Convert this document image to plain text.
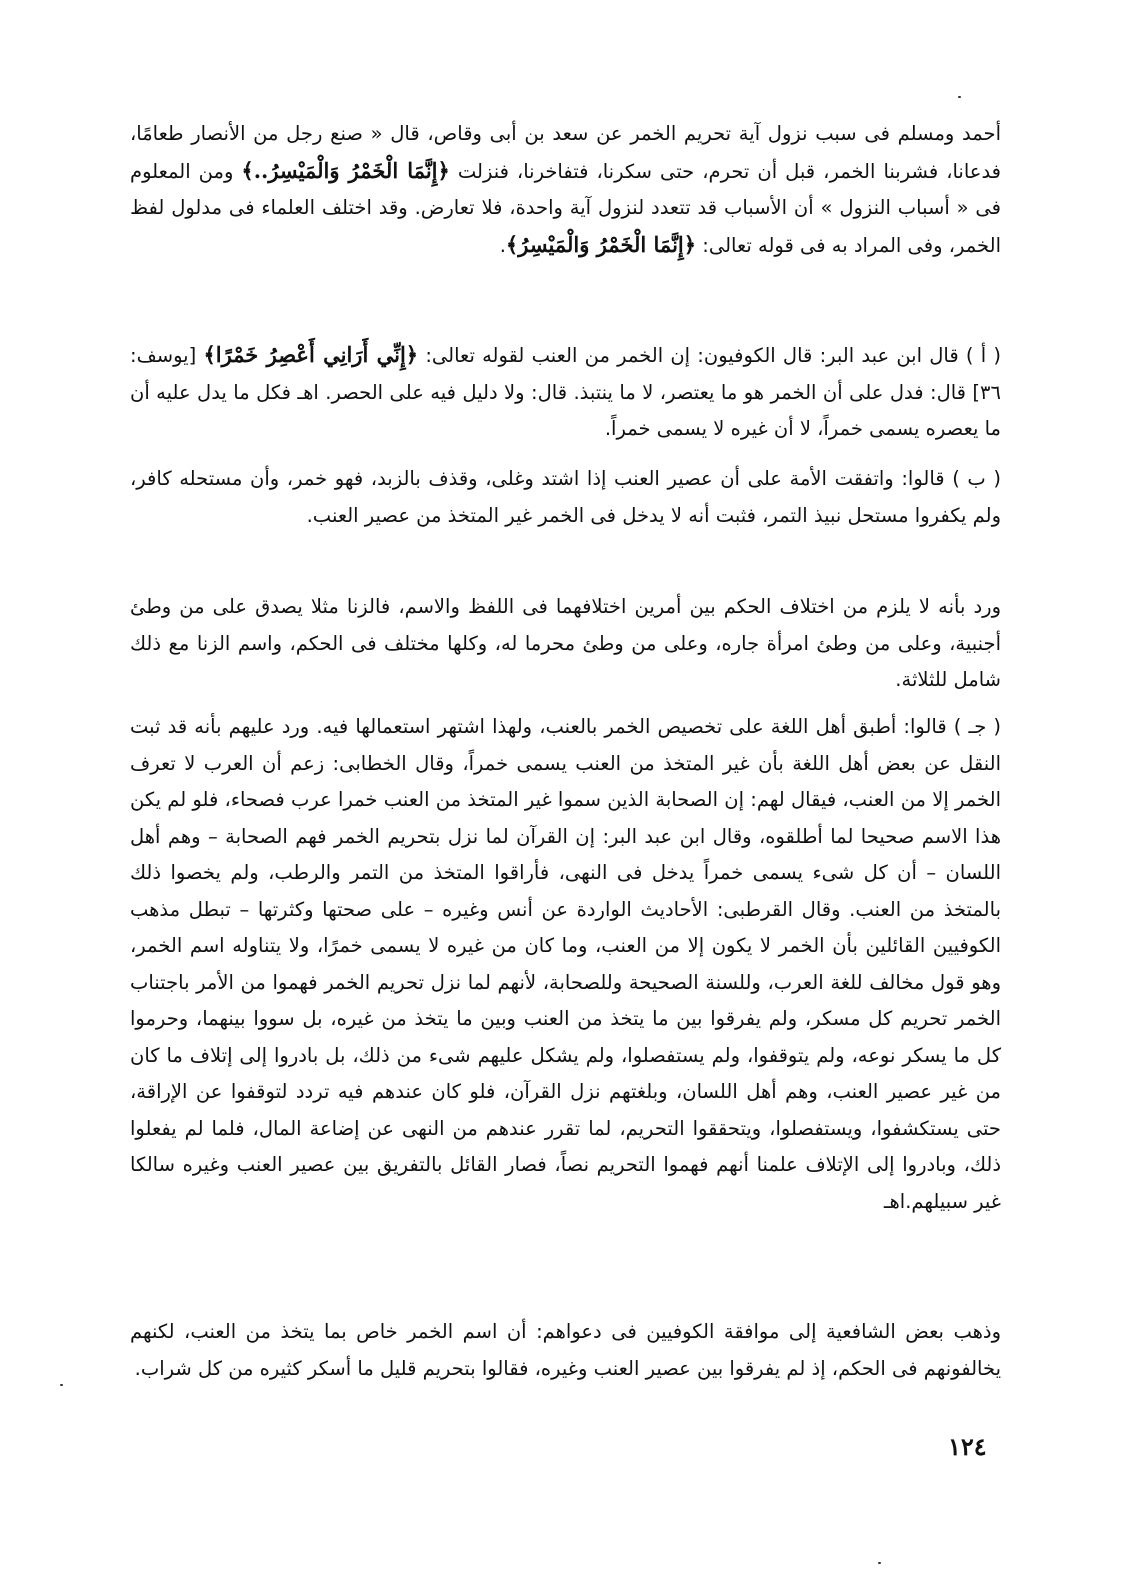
أحمد ومسلم فى سبب نزول آية تحريم الخمر عن سعد بن أبى وقاص، قال « صنع رجل من الأنصار طعامًا، فدعانا، فشربنا الخمر، قبل أن تحرم، حتى سكرنا، فتفاخرنا، فنزلت ﴿إِنَّمَا الْخَمْرُ وَالْمَيْسِرُ..﴾ ومن المعلوم فى « أسباب النزول » أن الأسباب قد تتعدد لنزول آية واحدة، فلا تعارض. وقد اختلف العلماء فى مدلول لفظ الخمر، وفى المراد به فى قوله تعالى: ﴿إِنَّمَا الْخَمْرُ وَالْمَيْسِرُ﴾.

( أ ) قال ابن عبد البر: قال الكوفيون: إن الخمر من العنب لقوله تعالى: ﴿إِنِّي أَرَانِي أَعْصِرُ خَمْرًا﴾ [يوسف: ٣٦] قال: فدل على أن الخمر هو ما يعتصر، لا ما ينتبذ. قال: ولا دليل فيه على الحصر. اهـ فكل ما يدل عليه أن ما يعصره يسمى خمراً، لا أن غيره لا يسمى خمراً.

( ب ) قالوا: واتفقت الأمة على أن عصير العنب إذا اشتد وغلى، وقذف بالزبد، فهو خمر، وأن مستحله كافر، ولم يكفروا مستحل نبيذ التمر، فثبت أنه لا يدخل فى الخمر غير المتخذ من عصير العنب.

ورد بأنه لا يلزم من اختلاف الحكم بين أمرين اختلافهما فى اللفظ والاسم، فالزنا مثلا يصدق على من وطئ أجنبية، وعلى من وطئ امرأة جاره، وعلى من وطئ محرما له، وكلها مختلف فى الحكم، واسم الزنا مع ذلك شامل للثلاثة.

( جـ ) قالوا: أطبق أهل اللغة على تخصيص الخمر بالعنب، ولهذا اشتهر استعمالها فيه. ورد عليهم بأنه قد ثبت النقل عن بعض أهل اللغة بأن غير المتخذ من العنب يسمى خمراً، وقال الخطابى: زعم أن العرب لا تعرف الخمر إلا من العنب، فيقال لهم: إن الصحابة الذين سموا غير المتخذ من العنب خمرا عرب فصحاء، فلو لم يكن هذا الاسم صحيحا لما أطلقوه، وقال ابن عبد البر: إن القرآن لما نزل بتحريم الخمر فهم الصحابة – وهم أهل اللسان – أن كل شىء يسمى خمراً يدخل فى النهى، فأراقوا المتخذ من التمر والرطب، ولم يخصوا ذلك بالمتخذ من العنب. وقال القرطبى: الأحاديث الواردة عن أنس وغيره – على صحتها وكثرتها – تبطل مذهب الكوفيين القائلين بأن الخمر لا يكون إلا من العنب، وما كان من غيره لا يسمى خمرًا، ولا يتناوله اسم الخمر، وهو قول مخالف للغة العرب، وللسنة الصحيحة وللصحابة، لأنهم لما نزل تحريم الخمر فهموا من الأمر باجتناب الخمر تحريم كل مسكر، ولم يفرقوا بين ما يتخذ من العنب وبين ما يتخذ من غيره، بل سووا بينهما، وحرموا كل ما يسكر نوعه، ولم يتوقفوا، ولم يستفصلوا، ولم يشكل عليهم شىء من ذلك، بل بادروا إلى إتلاف ما كان من غير عصير العنب، وهم أهل اللسان، وبلغتهم نزل القرآن، فلو كان عندهم فيه تردد لتوقفوا عن الإراقة، حتى يستكشفوا، ويستفصلوا، ويتحققوا التحريم، لما تقرر عندهم من النهى عن إضاعة المال، فلما لم يفعلوا ذلك، وبادروا إلى الإتلاف علمنا أنهم فهموا التحريم نصاً، فصار القائل بالتفريق بين عصير العنب وغيره سالكا غير سبيلهم.اهـ

وذهب بعض الشافعية إلى موافقة الكوفيين فى دعواهم: أن اسم الخمر خاص بما يتخذ من العنب، لكنهم يخالفونهم فى الحكم، إذ لم يفرقوا بين عصير العنب وغيره، فقالوا بتحريم قليل ما أسكر كثيره من كل شراب.

١٢٤
